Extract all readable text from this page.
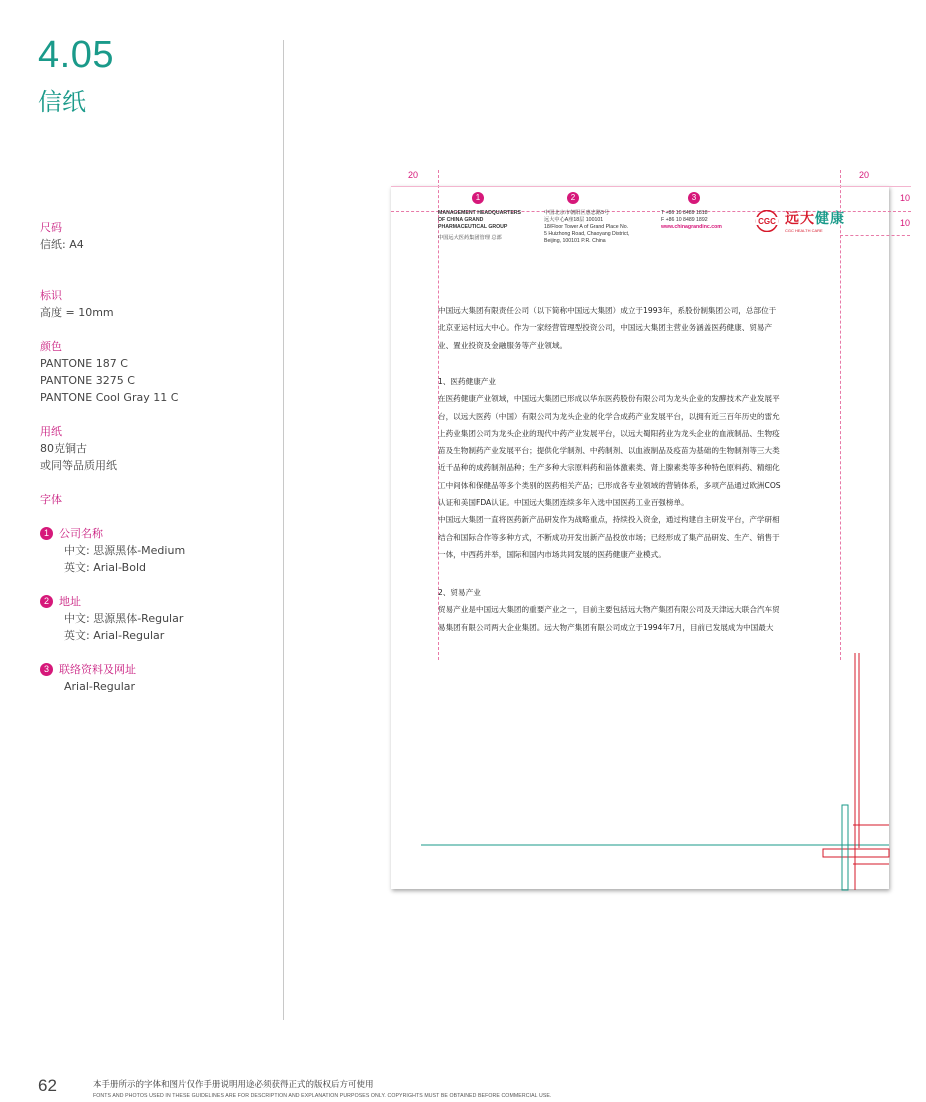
4.05
信纸
尺码
信纸: A4
标识
高度 = 10mm
颜色
PANTONE 187 C
PANTONE 3275 C
PANTONE Cool Gray 11 C
用纸
80克铜古
或同等品质用纸
字体
1 公司名称
中文: 思源黑体-Medium
英文: Arial-Bold
2 地址
中文: 思源黑体-Regular
英文: Arial-Regular
3 联络资料及网址
Arial-Regular
20	20
10
10
1	2	3
MANAGEMENT HEADQUARTERS
OF CHINA GRAND
PHARMACEUTICAL GROUP
中国远大医药集团管理 总部
中国北京市朝阳区惠忠路5号
远大中心A座18层 100101
18/Floor Tower A of Grand Place No.
5 Huizhong Road, Chaoyang District,
Beijing, 100101 P.R. China
T +86 10 8489 1818
F +86 10 8489 1892
www.chinagrandinc.com
CGC 远大健康
CGC HEALTH CARE
中国远大集团有限责任公司（以下简称中国远大集团）成立于1993年，系股份制集团公司，总部位于
北京亚运村远大中心。作为一家经营管理型投资公司，中国远大集团主营业务涵盖医药健康、贸易产
业、置业投资及金融服务等产业领域。
1、医药健康产业
在医药健康产业领域，中国远大集团已形成以华东医药股份有限公司为龙头企业的发酵技术产业发展平
台，以远大医药（中国）有限公司为龙头企业的化学合成药产业发展平台，以拥有近三百年历史的雷允
上药业集团公司为龙头企业的现代中药产业发展平台，以远大蜀阳药业为龙头企业的血液制品、生物疫
苗及生物制药产业发展平台；提供化学制剂、中药制剂、以血液制品及疫苗为基础的生物制剂等三大类
近千品种的成药制剂品种；生产多种大宗原料药和甾体激素类、肾上腺素类等多种特色原料药、精细化
工中间体和保健品等多个类别的医药相关产品；已形成各专业领域的营销体系，多项产品通过欧洲COS
认证和美国FDA认证。中国远大集团连续多年入选中国医药工业百强榜单。
中国远大集团一直将医药新产品研发作为战略重点，持续投入资金，通过构建自主研发平台，产学研相
结合和国际合作等多种方式，不断成功开发出新产品投放市场；已经形成了集产品研发、生产、销售于
一体，中西药并举，国际和国内市场共同发展的医药健康产业模式。
2、贸易产业
贸易产业是中国远大集团的重要产业之一，目前主要包括远大物产集团有限公司及天津远大联合汽车贸
易集团有限公司两大企业集团。远大物产集团有限公司成立于1994年7月，目前已发展成为中国最大
62	本手册所示的字体和图片仅作手册说明用途必须获得正式的版权后方可使用
FONTS AND PHOTOS USED IN THESE GUIDELINES ARE FOR DESCRIPTION AND EXPLANATION PURPOSES ONLY. COPYRIGHTS MUST BE OBTAINED BEFORE COMMERCIAL USE.
